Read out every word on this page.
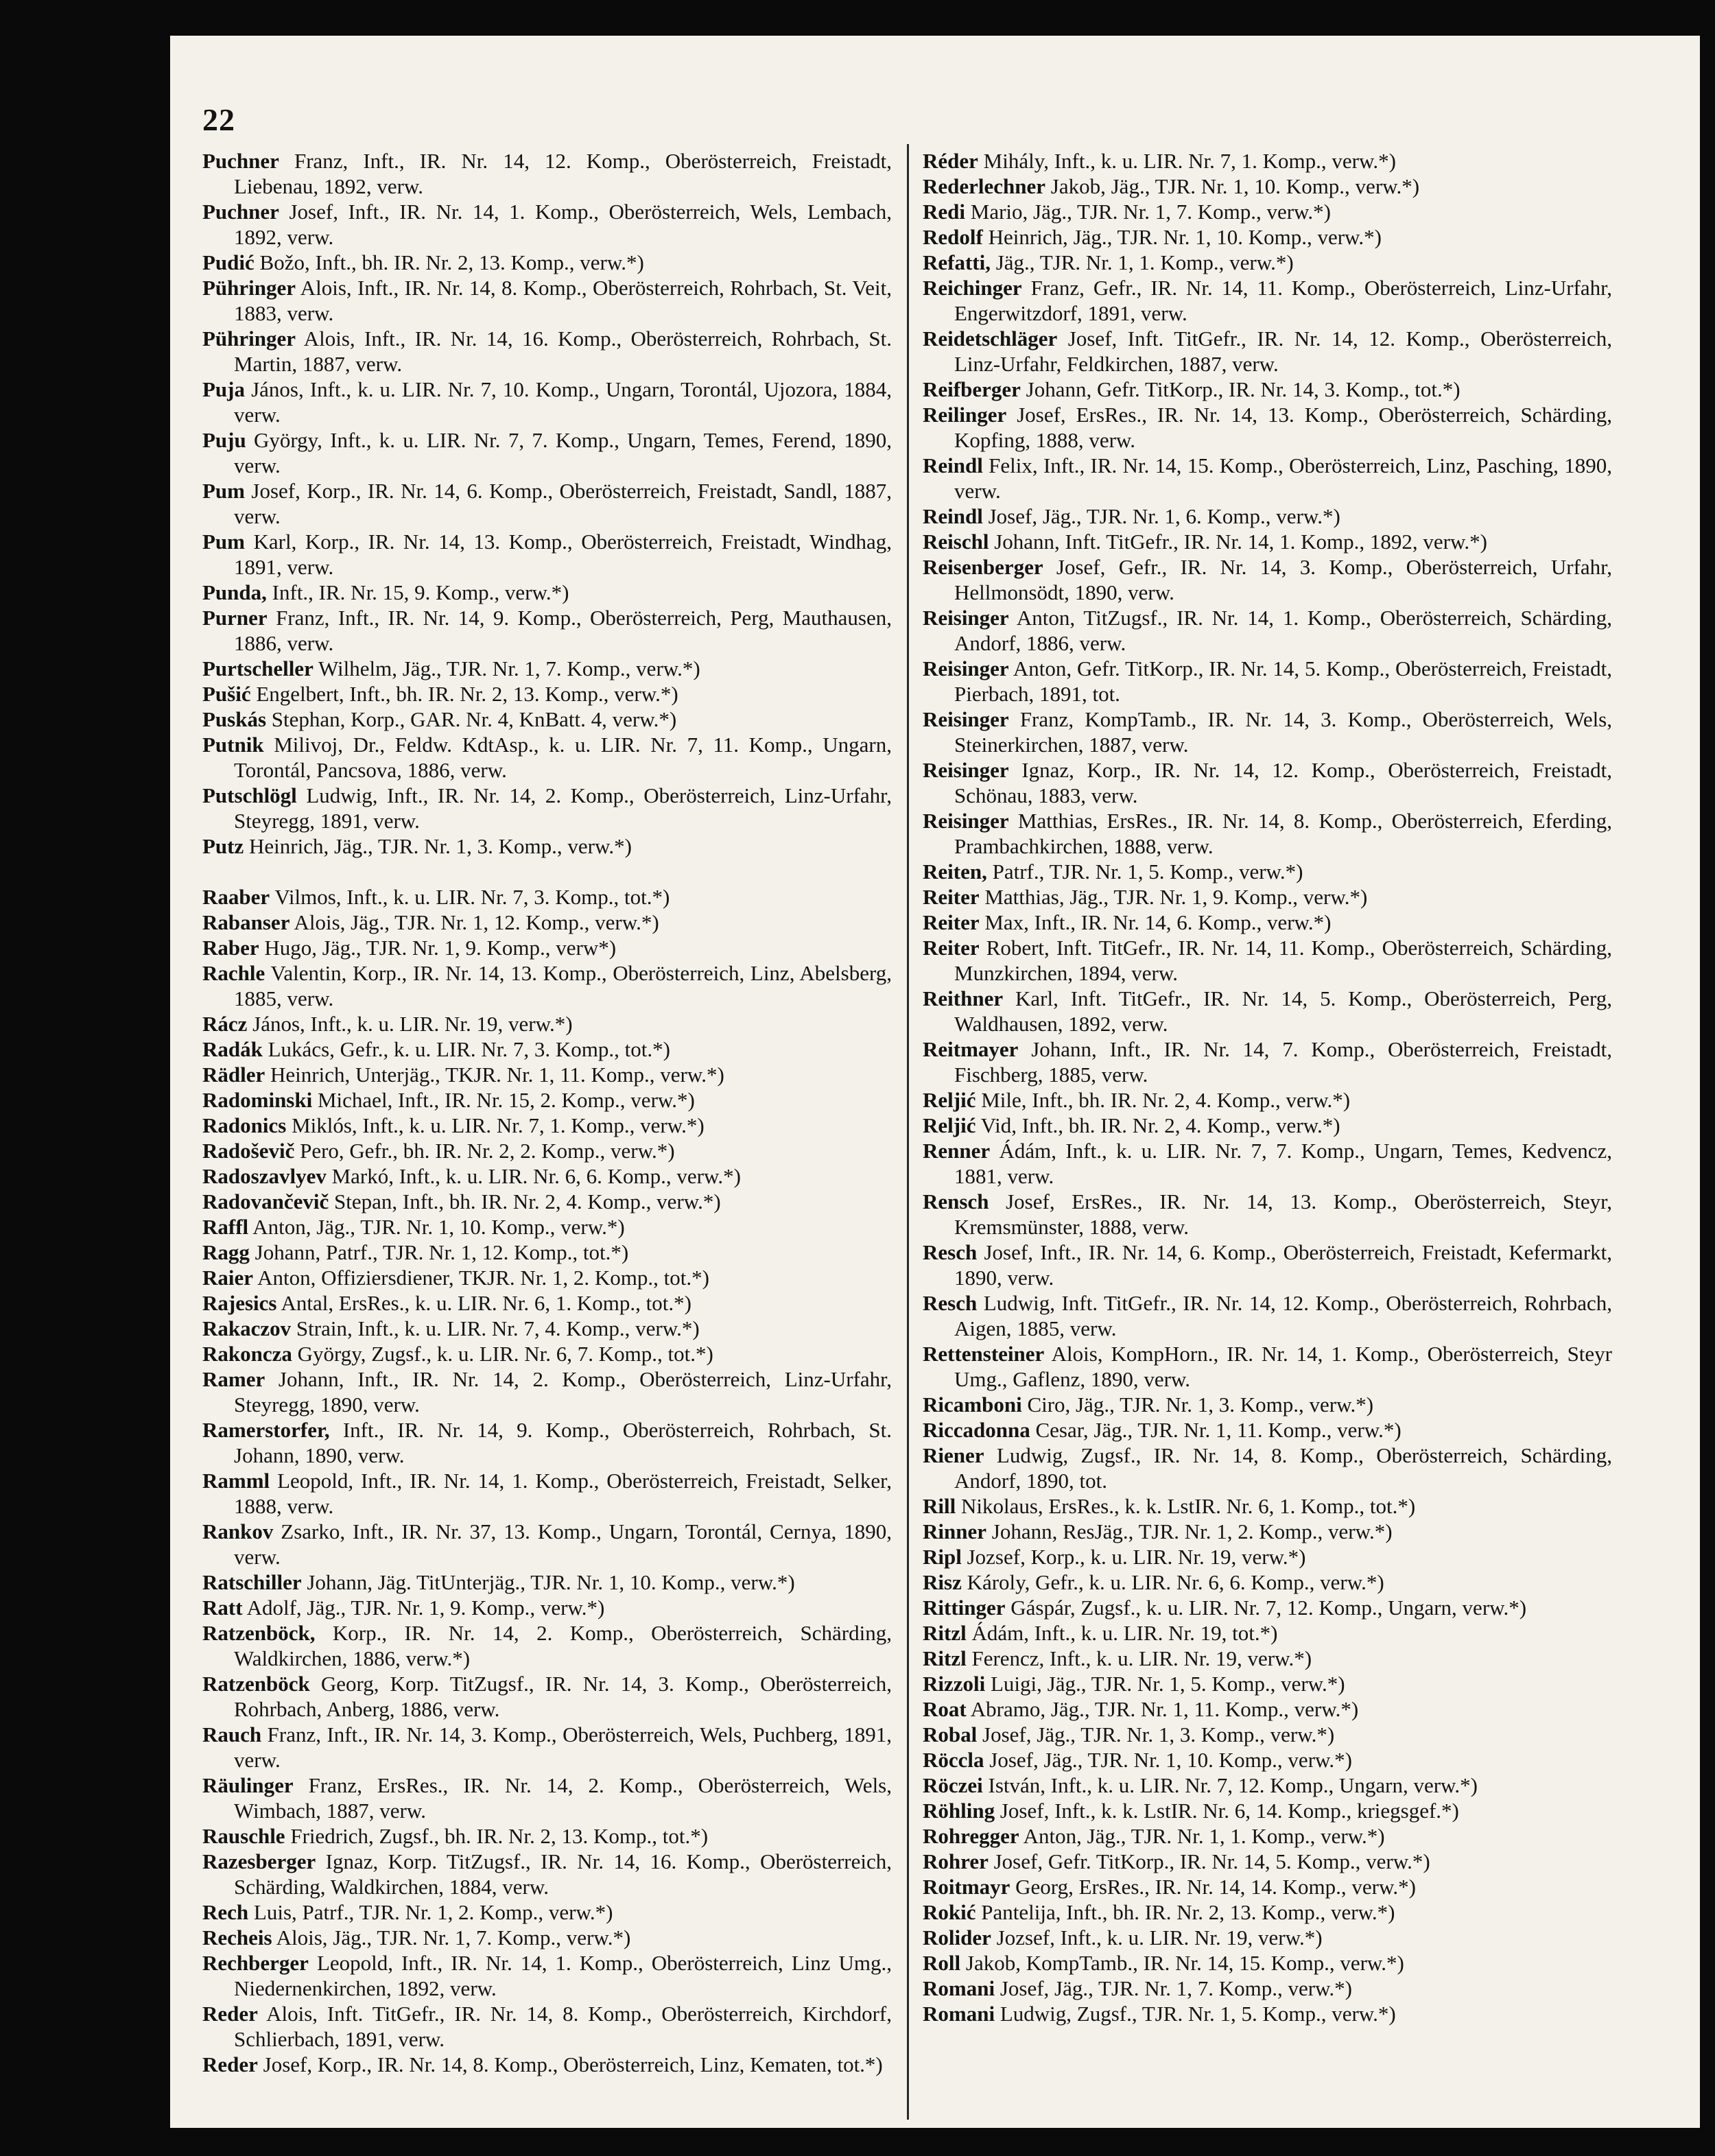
22
Puchner Franz, Inft., IR. Nr. 14, 12. Komp., Oberösterreich, Freistadt, Liebenau, 1892, verw.
Puchner Josef, Inft., IR. Nr. 14, 1. Komp., Oberösterreich, Wels, Lembach, 1892, verw.
Pudić Božo, Inft., bh. IR. Nr. 2, 13. Komp., verw.*)
Pühringer Alois, Inft., IR. Nr. 14, 8. Komp., Oberösterreich, Rohrbach, St. Veit, 1883, verw.
Pühringer Alois, Inft., IR. Nr. 14, 16. Komp., Oberösterreich, Rohrbach, St. Martin, 1887, verw.
Puja János, Inft., k. u. LIR. Nr. 7, 10. Komp., Ungarn, Torontál, Ujozora, 1884, verw.
Puju György, Inft., k. u. LIR. Nr. 7, 7. Komp., Ungarn, Temes, Ferend, 1890, verw.
Pum Josef, Korp., IR. Nr. 14, 6. Komp., Oberösterreich, Freistadt, Sandl, 1887, verw.
Pum Karl, Korp., IR. Nr. 14, 13. Komp., Oberösterreich, Freistadt, Windhag, 1891, verw.
Punda, Inft., IR. Nr. 15, 9. Komp., verw.*)
Purner Franz, Inft., IR. Nr. 14, 9. Komp., Oberösterreich, Perg, Mauthausen, 1886, verw.
Purtscheller Wilhelm, Jäg., TJR. Nr. 1, 7. Komp., verw.*)
Pušić Engelbert, Inft., bh. IR. Nr. 2, 13. Komp., verw.*)
Puskás Stephan, Korp., GAR. Nr. 4, KnBatt. 4, verw.*)
Putnik Milivoj, Dr., Feldw. KdtAsp., k. u. LIR. Nr. 7, 11. Komp., Ungarn, Torontál, Pancsova, 1886, verw.
Putschlögl Ludwig, Inft., IR. Nr. 14, 2. Komp., Oberösterreich, Linz-Urfahr, Steyregg, 1891, verw.
Putz Heinrich, Jäg., TJR. Nr. 1, 3. Komp., verw.*)
Raaber Vilmos, Inft., k. u. LIR. Nr. 7, 3. Komp., tot.*)
Rabanser Alois, Jäg., TJR. Nr. 1, 12. Komp., verw.*)
Raber Hugo, Jäg., TJR. Nr. 1, 9. Komp., verw*)
Rachle Valentin, Korp., IR. Nr. 14, 13. Komp., Oberösterreich, Linz, Abelsberg, 1885, verw.
Rácz János, Inft., k. u. LIR. Nr. 19, verw.*)
Radák Lukács, Gefr., k. u. LIR. Nr. 7, 3. Komp., tot.*)
Rädler Heinrich, Unterjäg., TKJR. Nr. 1, 11. Komp., verw.*)
Radominski Michael, Inft., IR. Nr. 15, 2. Komp., verw.*)
Radonics Miklós, Inft., k. u. LIR. Nr. 7, 1. Komp., verw.*)
Radoševič Pero, Gefr., bh. IR. Nr. 2, 2. Komp., verw.*)
Radoszavlyev Markó, Inft., k. u. LIR. Nr. 6, 6. Komp., verw.*)
Radovančevič Stepan, Inft., bh. IR. Nr. 2, 4. Komp., verw.*)
Raffl Anton, Jäg., TJR. Nr. 1, 10. Komp., verw.*)
Ragg Johann, Patrf., TJR. Nr. 1, 12. Komp., tot.*)
Raier Anton, Offiziersdiener, TKJR. Nr. 1, 2. Komp., tot.*)
Rajesics Antal, ErsRes., k. u. LIR. Nr. 6, 1. Komp., tot.*)
Rakaczov Strain, Inft., k. u. LIR. Nr. 7, 4. Komp., verw.*)
Rakoncza György, Zugsf., k. u. LIR. Nr. 6, 7. Komp., tot.*)
Ramer Johann, Inft., IR. Nr. 14, 2. Komp., Oberösterreich, Linz-Urfahr, Steyregg, 1890, verw.
Ramerstorfer, Inft., IR. Nr. 14, 9. Komp., Oberösterreich, Rohrbach, St. Johann, 1890, verw.
Ramml Leopold, Inft., IR. Nr. 14, 1. Komp., Oberösterreich, Freistadt, Selker, 1888, verw.
Rankov Zsarko, Inft., IR. Nr. 37, 13. Komp., Ungarn, Torontál, Cernya, 1890, verw.
Ratschiller Johann, Jäg. TitUnterjäg., TJR. Nr. 1, 10. Komp., verw.*)
Ratt Adolf, Jäg., TJR. Nr. 1, 9. Komp., verw.*)
Ratzenböck, Korp., IR. Nr. 14, 2. Komp., Oberösterreich, Schärding, Waldkirchen, 1886, verw.*)
Ratzenböck Georg, Korp. TitZugsf., IR. Nr. 14, 3. Komp., Oberösterreich, Rohrbach, Anberg, 1886, verw.
Rauch Franz, Inft., IR. Nr. 14, 3. Komp., Oberösterreich, Wels, Puchberg, 1891, verw.
Räulinger Franz, ErsRes., IR. Nr. 14, 2. Komp., Oberösterreich, Wels, Wimbach, 1887, verw.
Rauschle Friedrich, Zugsf., bh. IR. Nr. 2, 13. Komp., tot.*)
Razesberger Ignaz, Korp. TitZugsf., IR. Nr. 14, 16. Komp., Oberösterreich, Schärding, Waldkirchen, 1884, verw.
Rech Luis, Patrf., TJR. Nr. 1, 2. Komp., verw.*)
Recheis Alois, Jäg., TJR. Nr. 1, 7. Komp., verw.*)
Rechberger Leopold, Inft., IR. Nr. 14, 1. Komp., Oberösterreich, Linz Umg., Niedernenkirchen, 1892, verw.
Reder Alois, Inft. TitGefr., IR. Nr. 14, 8. Komp., Oberösterreich, Kirchdorf, Schlierbach, 1891, verw.
Reder Josef, Korp., IR. Nr. 14, 8. Komp., Oberösterreich, Linz, Kematen, tot.*)
Réder Mihály, Inft., k. u. LIR. Nr. 7, 1. Komp., verw.*)
Rederlechner Jakob, Jäg., TJR. Nr. 1, 10. Komp., verw.*)
Redi Mario, Jäg., TJR. Nr. 1, 7. Komp., verw.*)
Redolf Heinrich, Jäg., TJR. Nr. 1, 10. Komp., verw.*)
Refatti, Jäg., TJR. Nr. 1, 1. Komp., verw.*)
Reichinger Franz, Gefr., IR. Nr. 14, 11. Komp., Oberösterreich, Linz-Urfahr, Engerwitzdorf, 1891, verw.
Reidetschläger Josef, Inft. TitGefr., IR. Nr. 14, 12. Komp., Oberösterreich, Linz-Urfahr, Feldkirchen, 1887, verw.
Reifberger Johann, Gefr. TitKorp., IR. Nr. 14, 3. Komp., tot.*)
Reilinger Josef, ErsRes., IR. Nr. 14, 13. Komp., Oberösterreich, Schärding, Kopfing, 1888, verw.
Reindl Felix, Inft., IR. Nr. 14, 15. Komp., Oberösterreich, Linz, Pasching, 1890, verw.
Reindl Josef, Jäg., TJR. Nr. 1, 6. Komp., verw.*)
Reischl Johann, Inft. TitGefr., IR. Nr. 14, 1. Komp., 1892, verw.*)
Reisenberger Josef, Gefr., IR. Nr. 14, 3. Komp., Oberösterreich, Urfahr, Hellmonsödt, 1890, verw.
Reisinger Anton, TitZugsf., IR. Nr. 14, 1. Komp., Oberösterreich, Schärding, Andorf, 1886, verw.
Reisinger Anton, Gefr. TitKorp., IR. Nr. 14, 5. Komp., Oberösterreich, Freistadt, Pierbach, 1891, tot.
Reisinger Franz, KompTamb., IR. Nr. 14, 3. Komp., Oberösterreich, Wels, Steinerkirchen, 1887, verw.
Reisinger Ignaz, Korp., IR. Nr. 14, 12. Komp., Oberösterreich, Freistadt, Schönau, 1883, verw.
Reisinger Matthias, ErsRes., IR. Nr. 14, 8. Komp., Oberösterreich, Eferding, Prambachkirchen, 1888, verw.
Reiten, Patrf., TJR. Nr. 1, 5. Komp., verw.*)
Reiter Matthias, Jäg., TJR. Nr. 1, 9. Komp., verw.*)
Reiter Max, Inft., IR. Nr. 14, 6. Komp., verw.*)
Reiter Robert, Inft. TitGefr., IR. Nr. 14, 11. Komp., Oberösterreich, Schärding, Munzkirchen, 1894, verw.
Reithner Karl, Inft. TitGefr., IR. Nr. 14, 5. Komp., Oberösterreich, Perg, Waldhausen, 1892, verw.
Reitmayer Johann, Inft., IR. Nr. 14, 7. Komp., Oberösterreich, Freistadt, Fischberg, 1885, verw.
Reljić Mile, Inft., bh. IR. Nr. 2, 4. Komp., verw.*)
Reljić Vid, Inft., bh. IR. Nr. 2, 4. Komp., verw.*)
Renner Ádám, Inft., k. u. LIR. Nr. 7, 7. Komp., Ungarn, Temes, Kedvencz, 1881, verw.
Rensch Josef, ErsRes., IR. Nr. 14, 13. Komp., Oberösterreich, Steyr, Kremsmünster, 1888, verw.
Resch Josef, Inft., IR. Nr. 14, 6. Komp., Oberösterreich, Freistadt, Kefermarkt, 1890, verw.
Resch Ludwig, Inft. TitGefr., IR. Nr. 14, 12. Komp., Oberösterreich, Rohrbach, Aigen, 1885, verw.
Rettensteiner Alois, KompHorn., IR. Nr. 14, 1. Komp., Oberösterreich, Steyr Umg., Gaflenz, 1890, verw.
Ricamboni Ciro, Jäg., TJR. Nr. 1, 3. Komp., verw.*)
Riccadonna Cesar, Jäg., TJR. Nr. 1, 11. Komp., verw.*)
Riener Ludwig, Zugsf., IR. Nr. 14, 8. Komp., Oberösterreich, Schärding, Andorf, 1890, tot.
Rill Nikolaus, ErsRes., k. k. LstIR. Nr. 6, 1. Komp., tot.*)
Rinner Johann, ResJäg., TJR. Nr. 1, 2. Komp., verw.*)
Ripl Jozsef, Korp., k. u. LIR. Nr. 19, verw.*)
Risz Károly, Gefr., k. u. LIR. Nr. 6, 6. Komp., verw.*)
Rittinger Gáspár, Zugsf., k. u. LIR. Nr. 7, 12. Komp., Ungarn, verw.*)
Ritzl Ádám, Inft., k. u. LIR. Nr. 19, tot.*)
Ritzl Ferencz, Inft., k. u. LIR. Nr. 19, verw.*)
Rizzoli Luigi, Jäg., TJR. Nr. 1, 5. Komp., verw.*)
Roat Abramo, Jäg., TJR. Nr. 1, 11. Komp., verw.*)
Robal Josef, Jäg., TJR. Nr. 1, 3. Komp., verw.*)
Röccla Josef, Jäg., TJR. Nr. 1, 10. Komp., verw.*)
Röczei István, Inft., k. u. LIR. Nr. 7, 12. Komp., Ungarn, verw.*)
Röhling Josef, Inft., k. k. LstIR. Nr. 6, 14. Komp., kriegsgef.*)
Rohregger Anton, Jäg., TJR. Nr. 1, 1. Komp., verw.*)
Rohrer Josef, Gefr. TitKorp., IR. Nr. 14, 5. Komp., verw.*)
Roitmayr Georg, ErsRes., IR. Nr. 14, 14. Komp., verw.*)
Rokić Pantelija, Inft., bh. IR. Nr. 2, 13. Komp., verw.*)
Rolider Jozsef, Inft., k. u. LIR. Nr. 19, verw.*)
Roll Jakob, KompTamb., IR. Nr. 14, 15. Komp., verw.*)
Romani Josef, Jäg., TJR. Nr. 1, 7. Komp., verw.*)
Romani Ludwig, Zugsf., TJR. Nr. 1, 5. Komp., verw.*)
